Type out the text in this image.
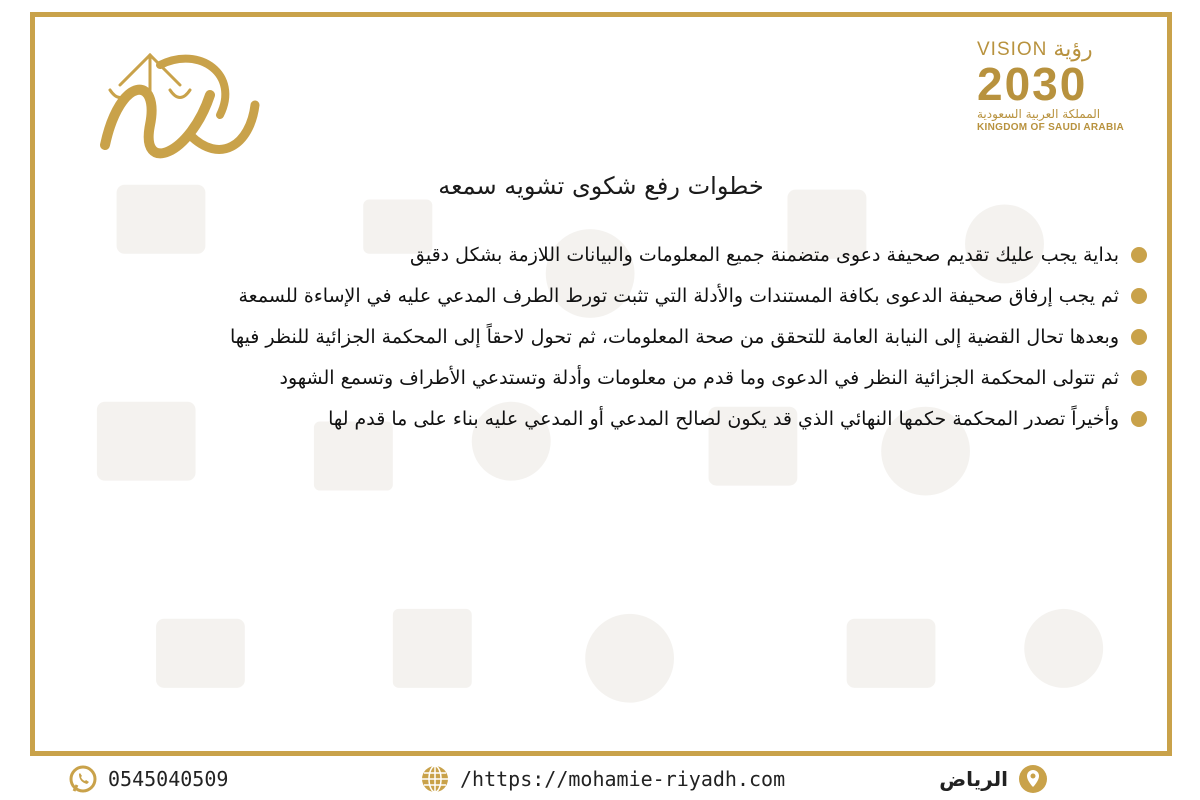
VISION رؤية
2030
المملكة العربية السعودية
KINGDOM OF SAUDI ARABIA
خطوات رفع شكوى تشويه سمعه
بداية يجب عليك تقديم صحيفة دعوى متضمنة جميع المعلومات والبيانات اللازمة بشكل دقيق
ثم يجب إرفاق صحيفة الدعوى بكافة المستندات والأدلة التي تثبت تورط الطرف المدعي عليه في الإساءة للسمعة
وبعدها تحال القضية إلى النيابة العامة للتحقق من صحة المعلومات، ثم تحول لاحقاً إلى المحكمة الجزائية للنظر فيها
ثم تتولى المحكمة الجزائية النظر في الدعوى وما قدم من معلومات وأدلة وتستدعي الأطراف وتسمع الشهود
وأخيراً تصدر المحكمة حكمها النهائي الذي قد يكون لصالح المدعي أو المدعي عليه بناء على ما قدم لها
0545040509	/https://mohamie-riyadh.com	الرياض
